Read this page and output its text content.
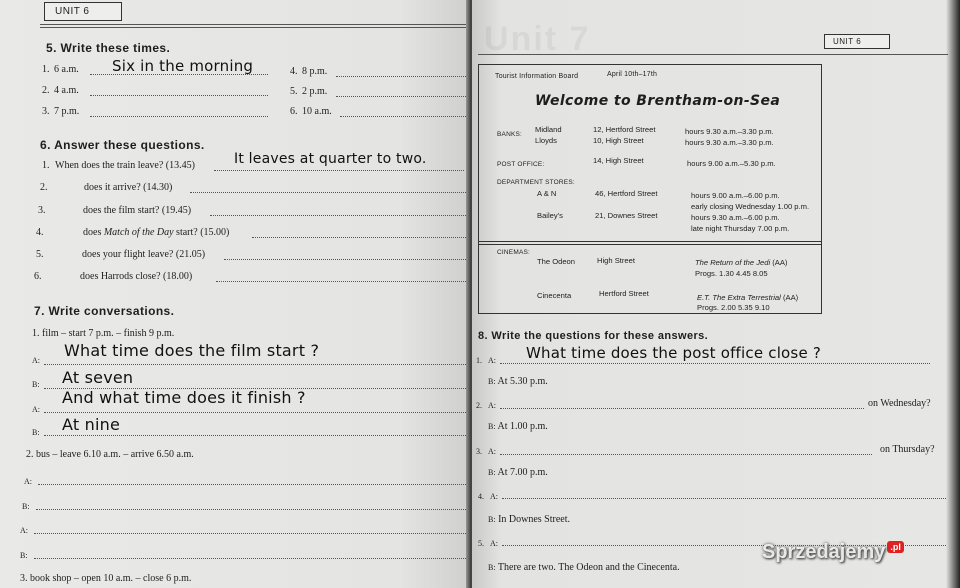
UNIT 6
5. Write these times.
1. 6 a.m. Six in the morning
2. 4 a.m.
3. 7 p.m.
4. 8 p.m.
5. 2 p.m.
6. 10 a.m.
6. Answer these questions.
1. When does the train leave? (13.45)	It leaves at quarter to two.
2.	does it arrive? (14.30)
3.	does the film start? (19.45)
4.	does Match of the Day start? (15.00)
5.	does your flight leave? (21.05)
6.	does Harrods close? (18.00)
7. Write conversations.
1. film – start 7 p.m. – finish 9 p.m.
A:
What time does the film start ?
B: At seven
A:
And what time does it finish ?
B: At nine
2. bus – leave 6.10 a.m. – arrive 6.50 a.m.
A:
B:
A:
B:
3. book shop – open 10 a.m. – close 6 p.m.
Unit 7	UNIT 6
8. Write the questions for these answers.
1. A: What time does the post office close ?
B: At 5.30 p.m.
2. A:	on Wednesday?
B: At 1.00 p.m.
3. A:	on Thursday?
B: At 7.00 p.m.
4. A:
B: In Downes Street.
5. A:
B: There are two. The Odeon and the Cinecenta.
Tourist Information Board	April 10th–17th
Welcome to Brentham-on-Sea
BANKS:
Midland	12, Hertford Street	hours 9.30 a.m.–3.30 p.m.
Lloyds	10, High Street	hours 9.30 a.m.–3.30 p.m.
POST OFFICE:	14, High Street	hours 9.00 a.m.–5.30 p.m.
DEPARTMENT STORES:
A & N	46, Hertford Street	hours 9.00 a.m.–6.00 p.m.
early closing Wednesday 1.00 p.m.
Bailey's	21, Downes Street	hours 9.30 a.m.–6.00 p.m.
late night Thursday 7.00 p.m.
CINEMAS:
The Odeon	High Street	The Return of the Jedi (AA)
Progs. 1.30 4.45 8.05
Cinecenta	Hertford Street	E.T. The Extra Terrestrial (AA)
Progs. 2.00 5.35 9.10
Sprzedajemy .pl
